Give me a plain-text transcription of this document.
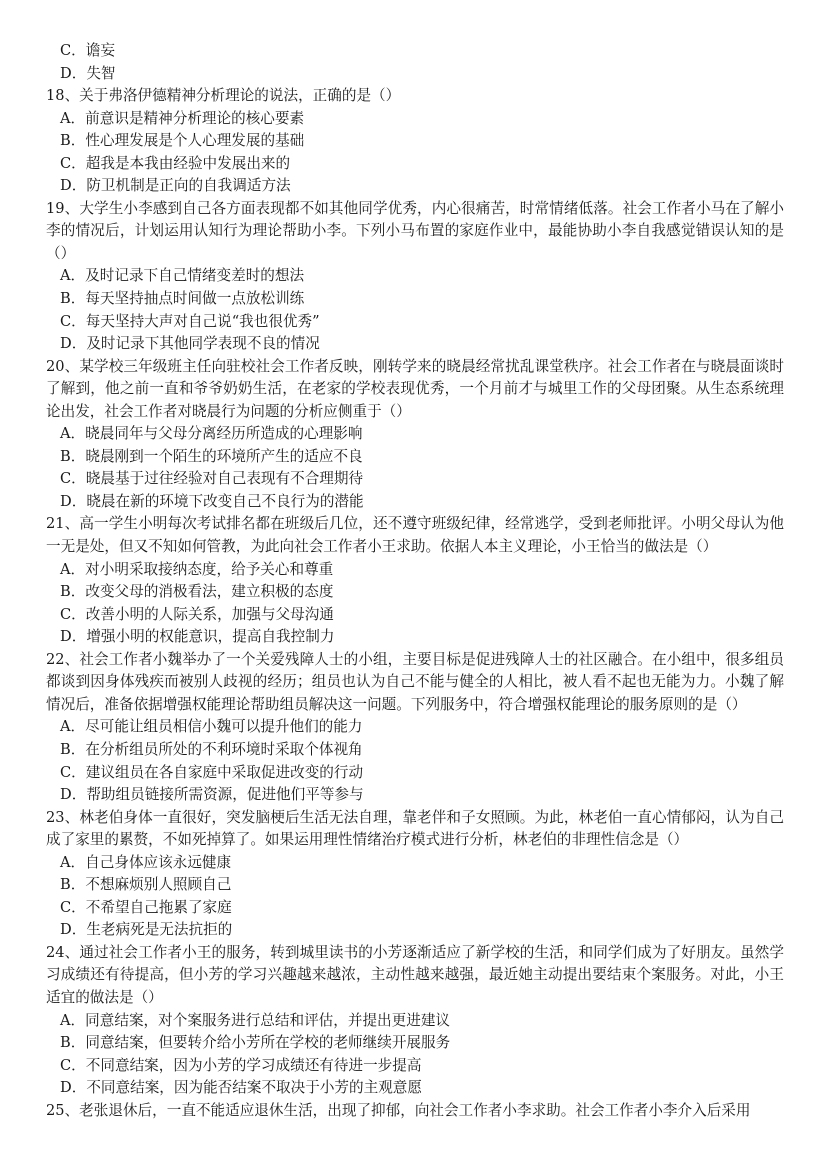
C．谵妄
D．失智
18、关于弗洛伊德精神分析理论的说法，正确的是（）
A．前意识是精神分析理论的核心要素
B．性心理发展是个人心理发展的基础
C．超我是本我由经验中发展出来的
D．防卫机制是正向的自我调适方法
19、大学生小李感到自己各方面表现都不如其他同学优秀，内心很痛苦，时常情绪低落。社会工作者小马在了解小李的情况后，计划运用认知行为理论帮助小李。下列小马布置的家庭作业中，最能协助小李自我感觉错误认知的是（）
A．及时记录下自己情绪变差时的想法
B．每天坚持抽点时间做一点放松训练
C．每天坚持大声对自己说“我也很优秀”
D．及时记录下其他同学表现不良的情况
20、某学校三年级班主任向驻校社会工作者反映，刚转学来的晓晨经常扰乱课堂秩序。社会工作者在与晓晨面谈时了解到，他之前一直和爷爷奶奶生活，在老家的学校表现优秀，一个月前才与城里工作的父母团聚。从生态系统理论出发，社会工作者对晓晨行为问题的分析应侧重于（）
A．晓晨同年与父母分离经历所造成的心理影响
B．晓晨刚到一个陌生的环境所产生的适应不良
C．晓晨基于过往经验对自己表现有不合理期待
D．晓晨在新的环境下改变自己不良行为的潜能
21、高一学生小明每次考试排名都在班级后几位，还不遵守班级纪律，经常逃学，受到老师批评。小明父母认为他一无是处，但又不知如何管教，为此向社会工作者小王求助。依据人本主义理论，小王恰当的做法是（）
A．对小明采取接纳态度，给予关心和尊重
B．改变父母的消极看法，建立积极的态度
C．改善小明的人际关系，加强与父母沟通
D．增强小明的权能意识，提高自我控制力
22、社会工作者小魏举办了一个关爱残障人士的小组，主要目标是促进残障人士的社区融合。在小组中，很多组员都谈到因身体残疾而被别人歧视的经历；组员也认为自己不能与健全的人相比，被人看不起也无能为力。小魏了解情况后，准备依据增强权能理论帮助组员解决这一问题。下列服务中，符合增强权能理论的服务原则的是（）
A．尽可能让组员相信小魏可以提升他们的能力
B．在分析组员所处的不利环境时采取个体视角
C．建议组员在各自家庭中采取促进改变的行动
D．帮助组员链接所需资源，促进他们平等参与
23、林老伯身体一直很好，突发脑梗后生活无法自理，靠老伴和子女照顾。为此，林老伯一直心情郁闷，认为自己成了家里的累赘，不如死掉算了。如果运用理性情绪治疗模式进行分析，林老伯的非理性信念是（）
A．自己身体应该永远健康
B．不想麻烦别人照顾自己
C．不希望自己拖累了家庭
D．生老病死是无法抗拒的
24、通过社会工作者小王的服务，转到城里读书的小芳逐渐适应了新学校的生活，和同学们成为了好朋友。虽然学习成绩还有待提高，但小芳的学习兴趣越来越浓，主动性越来越强，最近她主动提出要结束个案服务。对此，小王适宜的做法是（）
A．同意结案，对个案服务进行总结和评估，并提出更进建议
B．同意结案，但要转介给小芳所在学校的老师继续开展服务
C．不同意结案，因为小芳的学习成绩还有待进一步提高
D．不同意结案，因为能否结案不取决于小芳的主观意愿
25、老张退休后，一直不能适应退休生活，出现了抑郁，向社会工作者小李求助。社会工作者小李介入后采用
